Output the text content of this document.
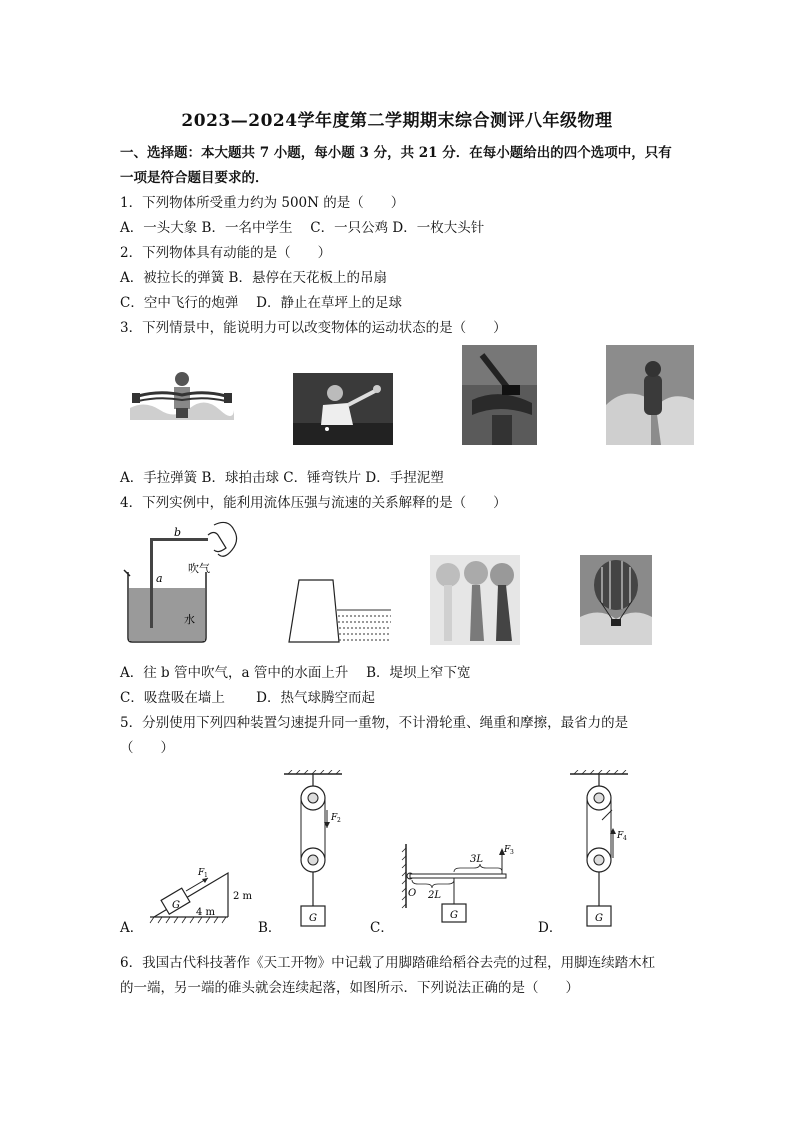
2023—2024学年度第二学期期末综合测评八年级物理
一、选择题：本大题共 7 小题，每小题 3 分，共 21 分．在每小题给出的四个选项中，只有
一项是符合题目要求的．
1．下列物体所受重力约为 500N 的是（　　）
A．一头大象 B．一名中学生　 C．一只公鸡 D．一枚大头针
2．下列物体具有动能的是（　　）
A．被拉长的弹簧 B．悬停在天花板上的吊扇
C．空中飞行的炮弹　 D．静止在草坪上的足球
3．下列情景中，能说明力可以改变物体的运动状态的是（　　）
A．手拉弹簧 B．球拍击球 C．锤弯铁片 D．手捏泥塑
4．下列实例中，能利用流体压强与流速的关系解释的是（　　）
b
a
吹气
水
A．往 b 管中吹气，a 管中的水面上升　 B．堤坝上窄下宽
C．吸盘吸在墙上　　 D．热气球腾空而起
5．分别使用下列四种装置匀速提升同一重物，不计滑轮重、绳重和摩擦，最省力的是
（　　）
A．	B．	C．	D．
G
F 1
4 m
2 m
F 2
G
F 3
3L
2L
O
G
F 4
G
6．我国古代科技著作《天工开物》中记载了用脚踏碓给稻谷去壳的过程，用脚连续踏木杠
的一端，另一端的碓头就会连续起落，如图所示．下列说法正确的是（　　）
